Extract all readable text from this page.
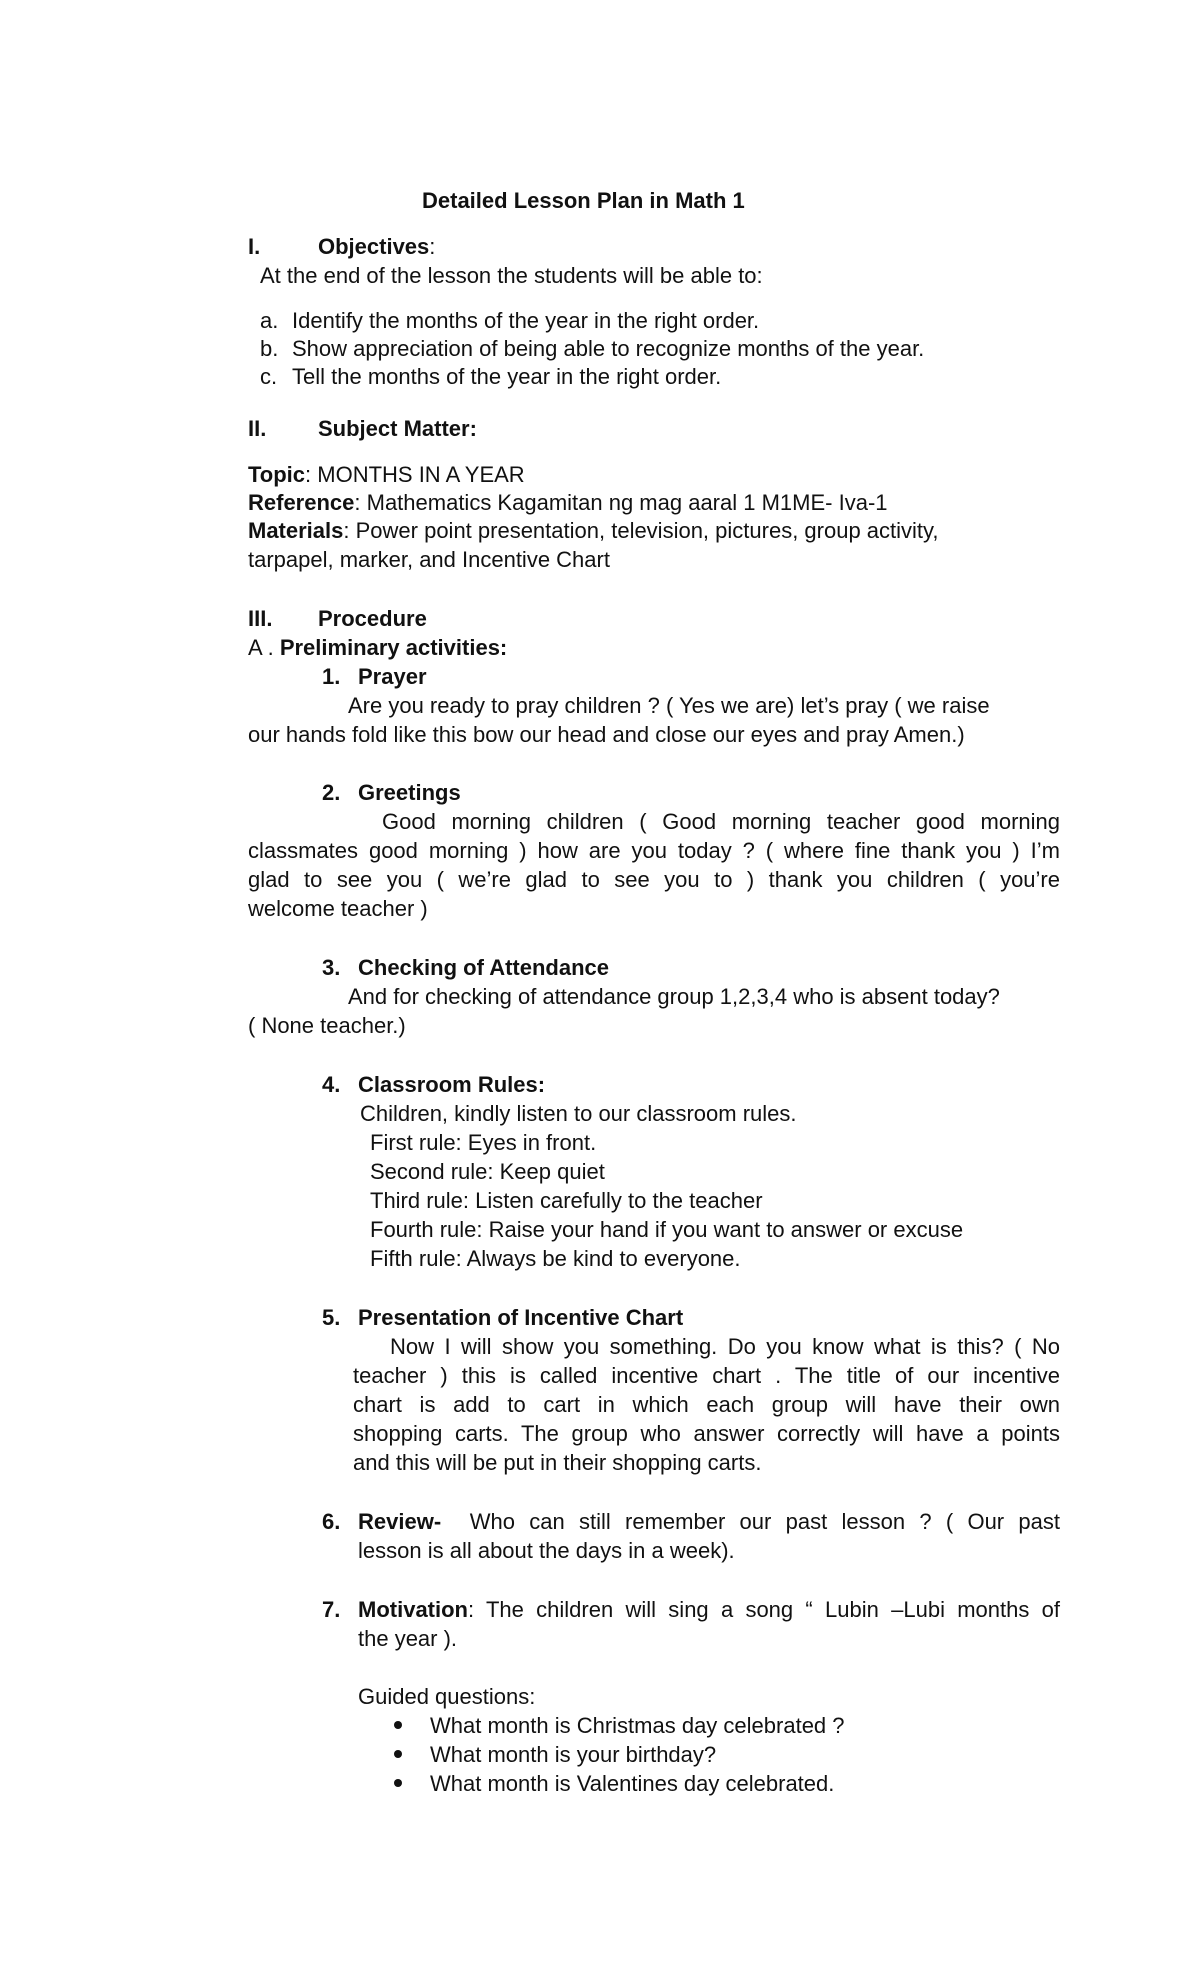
Detailed Lesson Plan in Math 1
I.	Objectives:
At the end of the lesson the students will be able to:
a. Identify the months of the year in the right order.
b. Show appreciation of being able to recognize months of the year.
c. Tell the months of the year in the right order.
II. Subject Matter:
Topic: MONTHS IN A YEAR
Reference: Mathematics Kagamitan ng mag aaral 1 M1ME- Iva-1
Materials: Power point presentation, television, pictures, group activity,
tarpapel, marker, and Incentive Chart
III. Procedure
A . Preliminary activities:
1. Prayer
Are you ready to pray children ? ( Yes we are) let’s pray ( we raise
our hands fold like this bow our head and close our eyes and pray Amen.)
2. Greetings
Good morning children ( Good morning teacher good morning
classmates good morning ) how are you today ? ( where fine thank you ) I’m
glad to see you ( we’re glad to see you to ) thank you children ( you’re
welcome teacher )
3. Checking of Attendance
And for checking of attendance group 1,2,3,4 who is absent today?
( None teacher.)
4. Classroom Rules:
Children, kindly listen to our classroom rules.
First rule: Eyes in front.
Second rule: Keep quiet
Third rule: Listen carefully to the teacher
Fourth rule: Raise your hand if you want to answer or excuse
Fifth rule: Always be kind to everyone.
5. Presentation of Incentive Chart
Now I will show you something. Do you know what is this? ( No
teacher ) this is called incentive chart . The title of our incentive
chart is add to cart in which each group will have their own
shopping carts. The group who answer correctly will have a points
and this will be put in their shopping carts.
6. Review- Who can still remember our past lesson ? ( Our past
lesson is all about the days in a week).
7. Motivation: The children will sing a song “ Lubin –Lubi months of
the year ).
Guided questions:
What month is Christmas day celebrated ?
What month is your birthday?
What month is Valentines day celebrated.
